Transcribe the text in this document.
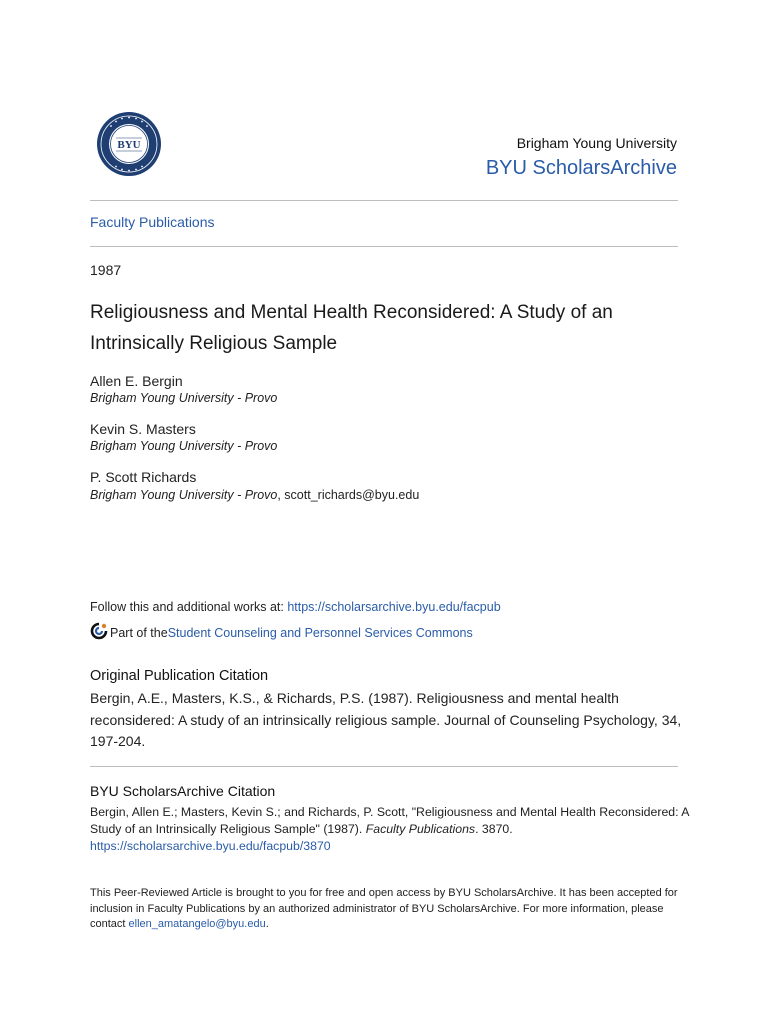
BYU	Brigham Young University
BYU ScholarsArchive
Faculty Publications
1987
Religiousness and Mental Health Reconsidered: A Study of an Intrinsically Religious Sample
Allen E. Bergin
Brigham Young University - Provo
Kevin S. Masters
Brigham Young University - Provo
P. Scott Richards
Brigham Young University - Provo, scott_richards@byu.edu
Follow this and additional works at: https://scholarsarchive.byu.edu/facpub
Part of the Student Counseling and Personnel Services Commons
Original Publication Citation
Bergin, A.E., Masters, K.S., & Richards, P.S. (1987). Religiousness and mental health reconsidered: A study of an intrinsically religious sample. Journal of Counseling Psychology, 34, 197-204.
BYU ScholarsArchive Citation
Bergin, Allen E.; Masters, Kevin S.; and Richards, P. Scott, "Religiousness and Mental Health Reconsidered: A Study of an Intrinsically Religious Sample" (1987). Faculty Publications. 3870.
https://scholarsarchive.byu.edu/facpub/3870
This Peer-Reviewed Article is brought to you for free and open access by BYU ScholarsArchive. It has been accepted for inclusion in Faculty Publications by an authorized administrator of BYU ScholarsArchive. For more information, please contact ellen_amatangelo@byu.edu.
